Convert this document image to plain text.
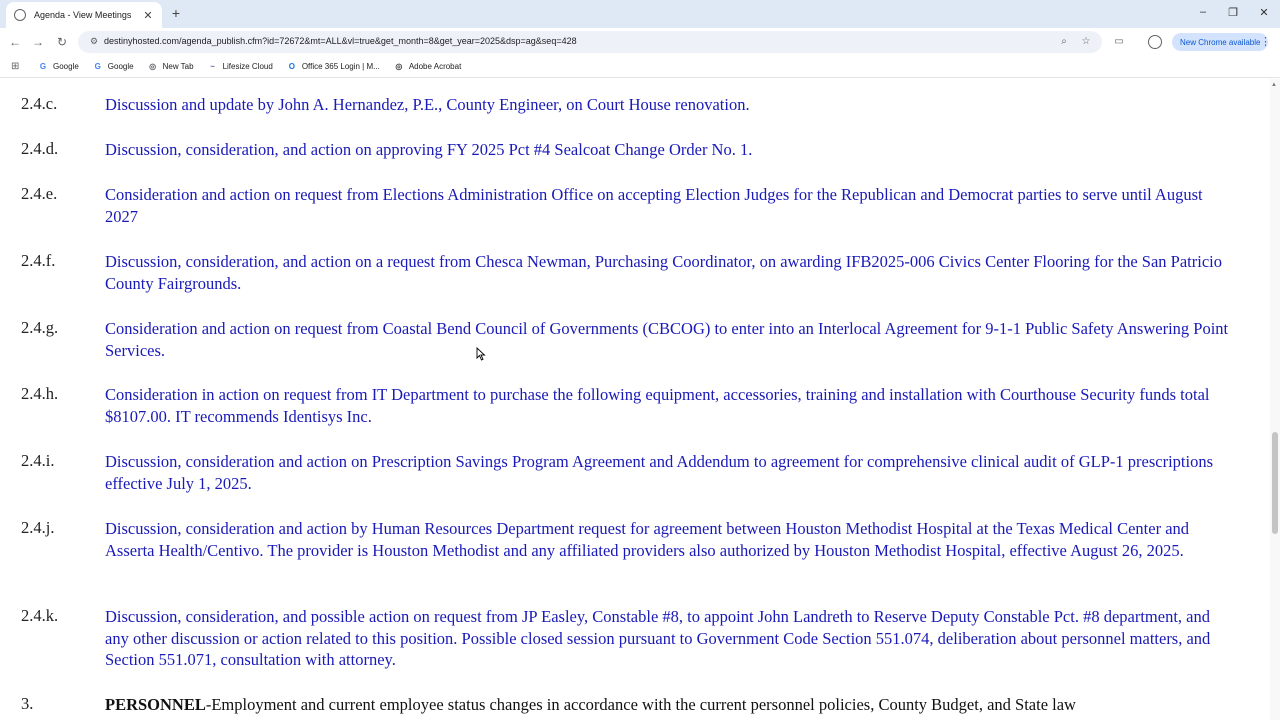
Agenda - View Meetings	✕ +	–	❐ ✕
← → ↻	⚙ destinyhosted.com/agenda_publish.cfm?id=72672&mt=ALL&vl=true&get_month=8&get_year=2025&dsp=ag&seq=428	⌕	☆ ▭	New Chrome available ⋮
⊞	G Google G Google ◎ New Tab	~ Lifesize Cloud O Office 365 Login | M... ◎ Adobe Acrobat
2.4.c.	Discussion and update by John A. Hernandez, P.E., County Engineer, on Court House renovation.
2.4.d.	Discussion, consideration, and action on approving FY 2025 Pct #4 Sealcoat Change Order No. 1.
2.4.e.	Consideration and action on request from Elections Administration Office on accepting Election Judges for the Republican and Democrat parties to serve until August 2027
2.4.f.	Discussion, consideration, and action on a request from Chesca Newman, Purchasing Coordinator, on awarding IFB2025-006 Civics Center Flooring for the San Patricio County Fairgrounds.
2.4.g.	Consideration and action on request from Coastal Bend Council of Governments (CBCOG) to enter into an Interlocal Agreement for 9-1-1 Public Safety Answering Point Services.
2.4.h.	Consideration in action on request from IT Department to purchase the following equipment, accessories, training and installation with Courthouse Security funds total $8107.00. IT recommends Identisys Inc.
2.4.i.	Discussion, consideration and action on Prescription Savings Program Agreement and Addendum to agreement for comprehensive clinical audit of GLP-1 prescriptions effective July 1, 2025.
2.4.j.	Discussion, consideration and action by Human Resources Department request for agreement between Houston Methodist Hospital at the Texas Medical Center and Asserta Health/Centivo. The provider is Houston Methodist and any affiliated providers also authorized by Houston Methodist Hospital, effective August 26, 2025.
2.4.k.	Discussion, consideration, and possible action on request from JP Easley, Constable #8, to appoint John Landreth to Reserve Deputy Constable Pct. #8 department, and any other discussion or action related to this position. Possible closed session pursuant to Government Code Section 551.074, deliberation about personnel matters, and Section 551.071, consultation with attorney.
3.	PERSONNEL-Employment and current employee status changes in accordance with the current personnel policies, County Budget, and State law
▲
